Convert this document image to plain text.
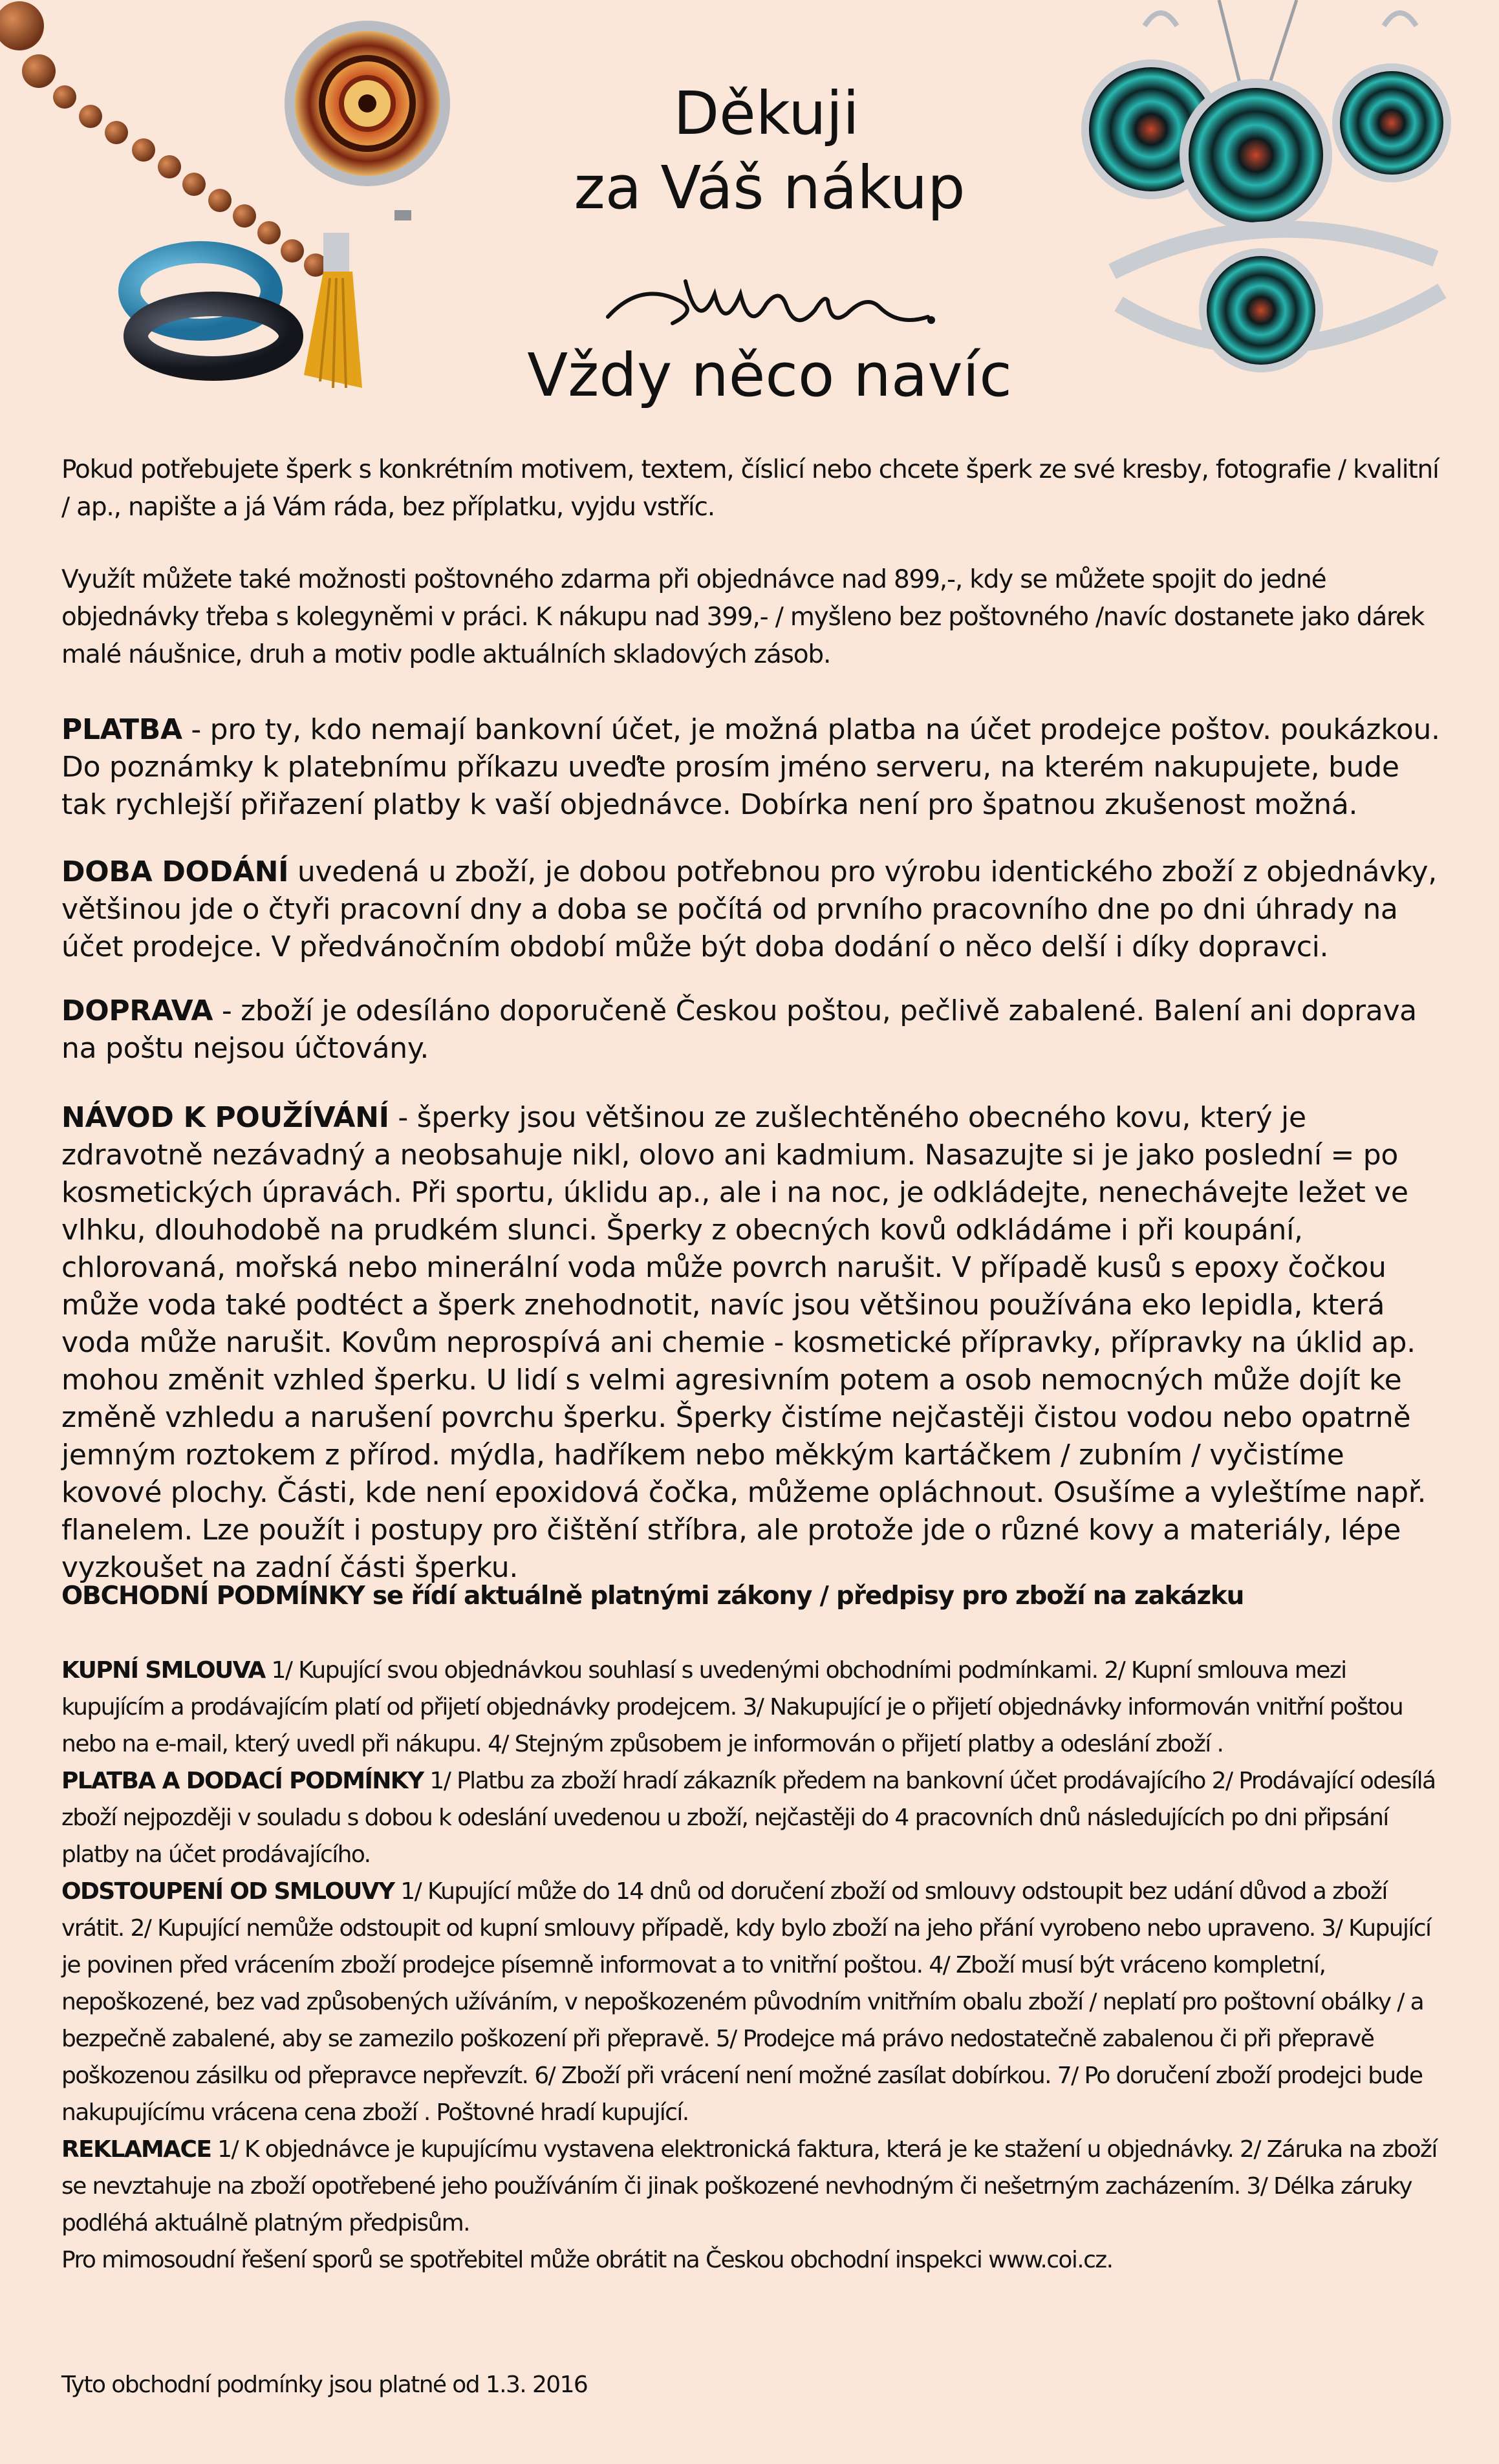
Děkuji
za Váš nákup
Vždy něco navíc

Pokud potřebujete šperk s konkrétním motivem, textem, číslicí nebo chcete šperk ze své kresby, fotografie / kvalitní / ap., napište a já Vám ráda, bez příplatku, vyjdu vstříc.

Využít můžete také možnosti poštovného zdarma při objednávce nad 899,-, kdy se můžete spojit do jedné objednávky třeba s kolegyněmi v práci. K nákupu nad 399,- / myšleno bez poštovného /navíc dostanete jako dárek malé náušnice, druh a motiv podle aktuálních skladových zásob.

PLATBA - pro ty, kdo nemají bankovní účet, je možná platba na účet prodejce poštov. poukázkou. Do poznámky k platebnímu příkazu uveďte prosím jméno serveru, na kterém nakupujete, bude tak rychlejší přiřazení platby k vaší objednávce. Dobírka není pro špatnou zkušenost možná.

DOBA DODÁNÍ uvedená u zboží, je dobou potřebnou pro výrobu identického zboží z objednávky, většinou jde o čtyři pracovní dny a doba se počítá od prvního pracovního dne po dni úhrady na účet prodejce. V předvánočním období může být doba dodání o něco delší i díky dopravci.

DOPRAVA - zboží je odesíláno doporučeně Českou poštou, pečlivě zabalené. Balení ani doprava na poštu nejsou účtovány.

NÁVOD K POUŽÍVÁNÍ - šperky jsou většinou ze zušlechtěného obecného kovu, který je zdravotně nezávadný a neobsahuje nikl, olovo ani kadmium. Nasazujte si je jako poslední = po kosmetických úpravách. Při sportu, úklidu ap., ale i na noc, je odkládejte, nenechávejte ležet ve vlhku, dlouhodobě na prudkém slunci. Šperky z obecných kovů odkládáme i při koupání, chlorovaná, mořská nebo minerální voda může povrch narušit. V případě kusů s epoxy čočkou může voda také podtéct a šperk znehodnotit, navíc jsou většinou používána eko lepidla, která voda může narušit. Kovům neprospívá ani chemie - kosmetické přípravky, přípravky na úklid ap. mohou změnit vzhled šperku. U lidí s velmi agresivním potem a osob nemocných může dojít ke změně vzhledu a narušení povrchu šperku. Šperky čistíme nejčastěji čistou vodou nebo opatrně jemným roztokem z přírod. mýdla, hadříkem nebo měkkým kartáčkem / zubním / vyčistíme kovové plochy. Části, kde není epoxidová čočka, můžeme opláchnout. Osušíme a vyleštíme např. flanelem. Lze použít i postupy pro čištění stříbra, ale protože jde o různé kovy a materiály, lépe vyzkoušet na zadní části šperku.

OBCHODNÍ PODMÍNKY se řídí aktuálně platnými zákony / předpisy pro zboží na zakázku

KUPNÍ SMLOUVA 1/ Kupující svou objednávkou souhlasí s uvedenými obchodními podmínkami. 2/ Kupní smlouva mezi kupujícím a prodávajícím platí od přijetí objednávky prodejcem. 3/ Nakupující je o přijetí objednávky informován vnitřní poštou nebo na e-mail, který uvedl při nákupu. 4/ Stejným způsobem je informován o přijetí platby a odeslání zboží .

PLATBA A DODACÍ PODMÍNKY 1/ Platbu za zboží hradí zákazník předem na bankovní účet prodávajícího 2/ Prodávající odesílá zboží nejpozději v souladu s dobou k odeslání uvedenou u zboží, nejčastěji do 4 pracovních dnů následujících po dni připsání platby na účet prodávajícího.

ODSTOUPENÍ OD SMLOUVY 1/ Kupující může do 14 dnů od doručení zboží od smlouvy odstoupit bez udání důvod a zboží vrátit. 2/ Kupující nemůže odstoupit od kupní smlouvy případě, kdy bylo zboží na jeho přání vyrobeno nebo upraveno. 3/ Kupující je povinen před vrácením zboží prodejce písemně informovat a to vnitřní poštou. 4/ Zboží musí být vráceno kompletní, nepoškozené, bez vad způsobených užíváním, v nepoškozeném původním vnitřním obalu zboží / neplatí pro poštovní obálky / a bezpečně zabalené, aby se zamezilo poškození při přepravě. 5/ Prodejce má právo nedostatečně zabalenou či při přepravě poškozenou zásilku od přepravce nepřevzít. 6/ Zboží při vrácení není možné zasílat dobírkou. 7/ Po doručení zboží prodejci bude nakupujícímu vrácena cena zboží . Poštovné hradí kupující.

REKLAMACE 1/ K objednávce je kupujícímu vystavena elektronická faktura, která je ke stažení u objednávky. 2/ Záruka na zboží se nevztahuje na zboží opotřebené jeho používáním či jinak poškozené nevhodným či nešetrným zacházením. 3/ Délka záruky podléhá aktuálně platným předpisům.

Pro mimosoudní řešení sporů se spotřebitel může obrátit na Českou obchodní inspekci www.coi.cz.

Tyto obchodní podmínky jsou platné od 1.3. 2016
